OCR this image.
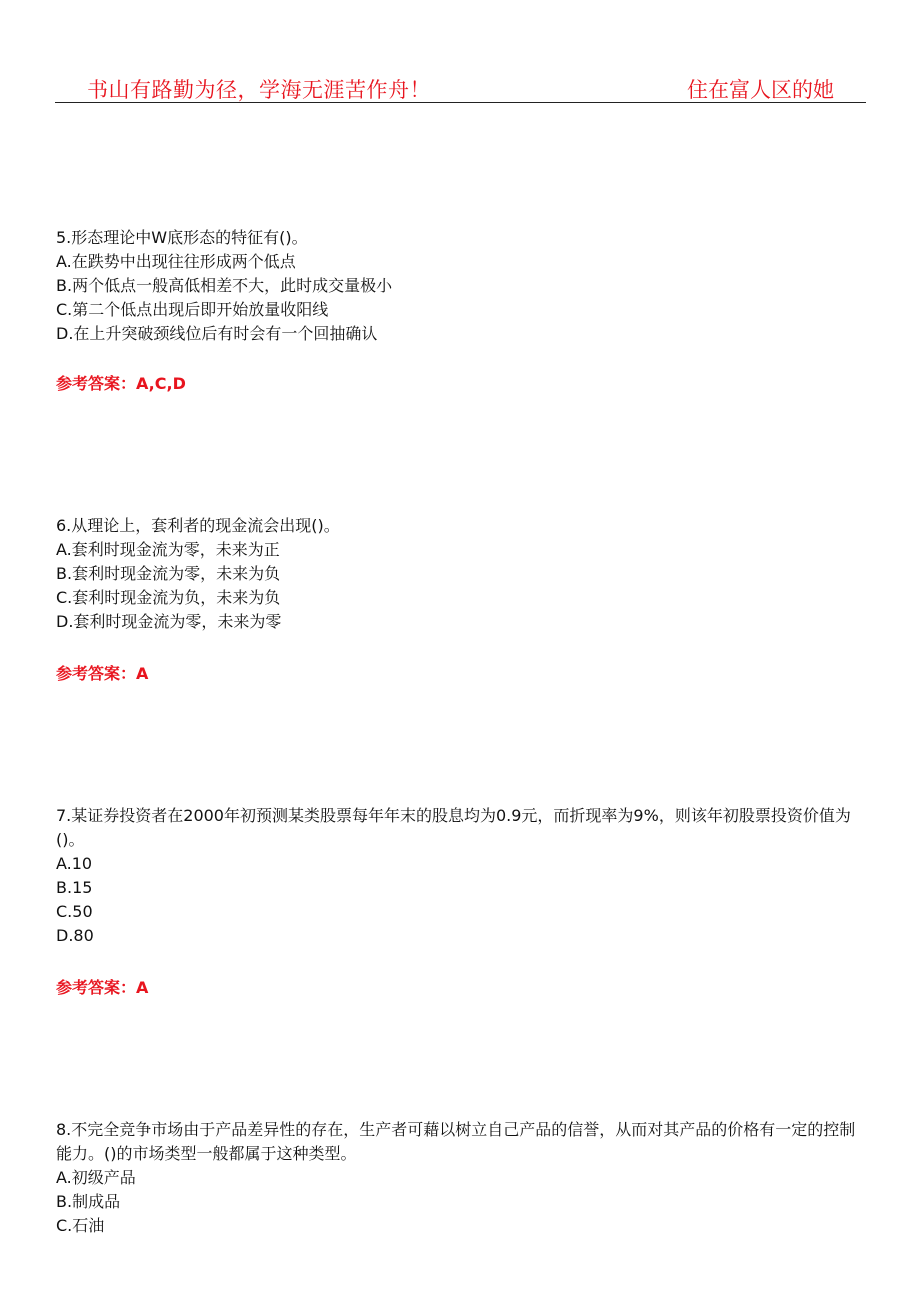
书山有路勤为径，学海无涯苦作舟！	住在富人区的她

5.形态理论中W底形态的特征有()。

A.在跌势中出现往往形成两个低点

B.两个低点一般高低相差不大，此时成交量极小

C.第二个低点出现后即开始放量收阳线

D.在上升突破颈线位后有时会有一个回抽确认

参考答案：A,C,D

6.从理论上，套利者的现金流会出现()。

A.套利时现金流为零，未来为正

B.套利时现金流为零，未来为负

C.套利时现金流为负，未来为负

D.套利时现金流为零，未来为零

参考答案：A

7.某证券投资者在2000年初预测某类股票每年年末的股息均为0.9元，而折现率为9%，则该年初股票投资价值为()。

A.10

B.15

C.50

D.80

参考答案：A

8.不完全竞争市场由于产品差异性的存在，生产者可藉以树立自己产品的信誉，从而对其产品的价格有一定的控制能力。()的市场类型一般都属于这种类型。

A.初级产品

B.制成品

C.石油
